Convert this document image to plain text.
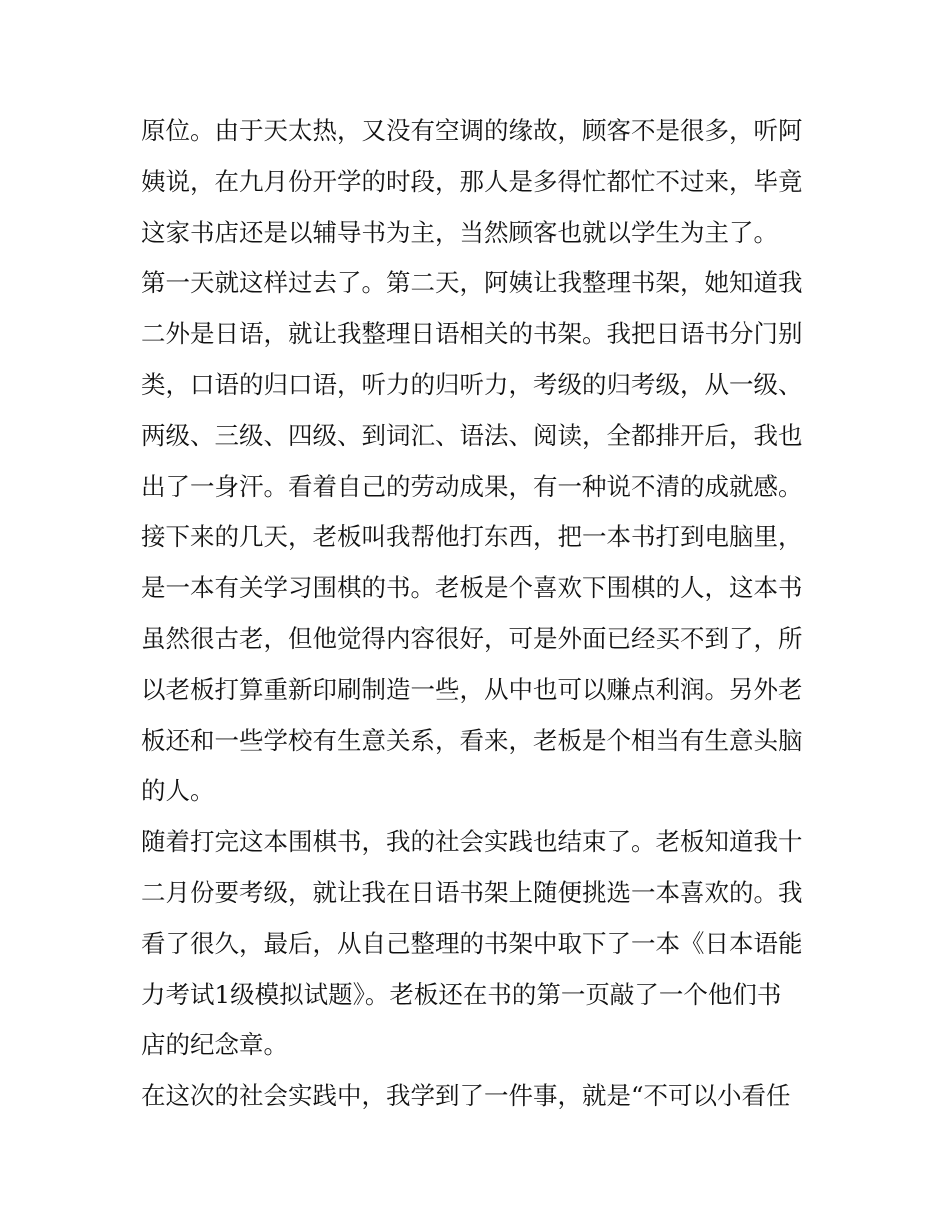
原位。由于天太热，又没有空调的缘故，顾客不是很多，听阿

姨说，在九月份开学的时段，那人是多得忙都忙不过来，毕竟

这家书店还是以辅导书为主，当然顾客也就以学生为主了。

第一天就这样过去了。第二天，阿姨让我整理书架，她知道我

二外是日语，就让我整理日语相关的书架。我把日语书分门别

类，口语的归口语，听力的归听力，考级的归考级，从一级、

两级、三级、四级、到词汇、语法、阅读，全都排开后，我也

出了一身汗。看着自己的劳动成果，有一种说不清的成就感。

接下来的几天，老板叫我帮他打东西，把一本书打到电脑里，

是一本有关学习围棋的书。老板是个喜欢下围棋的人，这本书

虽然很古老，但他觉得内容很好，可是外面已经买不到了，所

以老板打算重新印刷制造一些，从中也可以赚点利润。另外老

板还和一些学校有生意关系，看来，老板是个相当有生意头脑

的人。

随着打完这本围棋书，我的社会实践也结束了。老板知道我十

二月份要考级，就让我在日语书架上随便挑选一本喜欢的。我

看了很久，最后，从自己整理的书架中取下了一本《日本语能

力考试1级模拟试题》。老板还在书的第一页敲了一个他们书

店的纪念章。

在这次的社会实践中，我学到了一件事，就是“不可以小看任
